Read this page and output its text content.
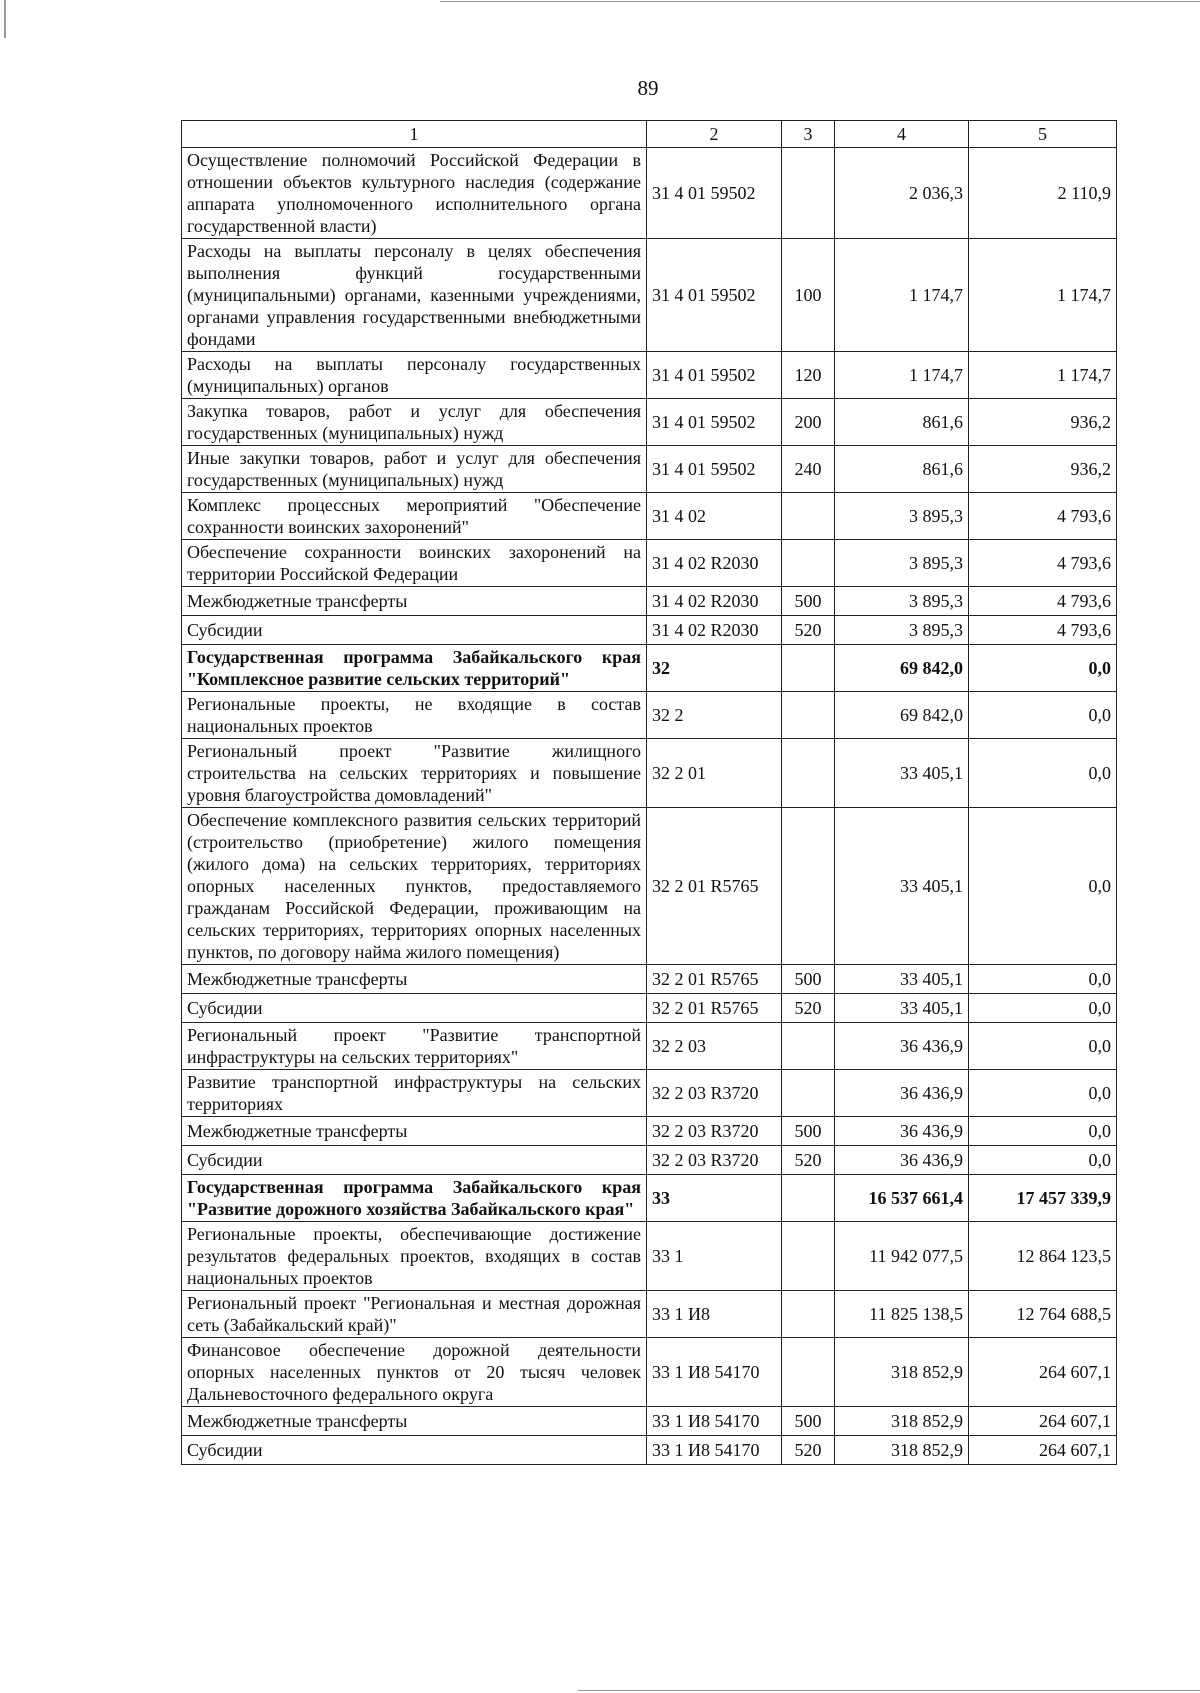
89
1	2	3	4	5
Осуществление полномочий Российской Федерации в отношении объектов культурного наследия (содержание аппарата уполномоченного исполнительного органа государственной власти)	31 4 01 59502		2 036,3	2 110,9
Расходы на выплаты персоналу в целях обеспечения выполнения функций государственными (муниципальными) органами, казенными учреждениями, органами управления государственными внебюджетными фондами	31 4 01 59502	100	1 174,7	1 174,7
Расходы на выплаты персоналу государственных (муниципальных) органов	31 4 01 59502	120	1 174,7	1 174,7
Закупка товаров, работ и услуг для обеспечения государственных (муниципальных) нужд	31 4 01 59502	200	861,6	936,2
Иные закупки товаров, работ и услуг для обеспечения государственных (муниципальных) нужд	31 4 01 59502	240	861,6	936,2
Комплекс процессных мероприятий "Обеспечение сохранности воинских захоронений"	31 4 02		3 895,3	4 793,6
Обеспечение сохранности воинских захоронений на территории Российской Федерации	31 4 02 R2030		3 895,3	4 793,6
Межбюджетные трансферты	31 4 02 R2030	500	3 895,3	4 793,6
Субсидии	31 4 02 R2030	520	3 895,3	4 793,6
Государственная программа Забайкальского края "Комплексное развитие сельских территорий"	32		69 842,0	0,0
Региональные проекты, не входящие в состав национальных проектов	32 2		69 842,0	0,0
Региональный проект "Развитие жилищного строительства на сельских территориях и повышение уровня благоустройства домовладений"	32 2 01		33 405,1	0,0
Обеспечение комплексного развития сельских территорий (строительство (приобретение) жилого помещения (жилого дома) на сельских территориях, территориях опорных населенных пунктов, предоставляемого гражданам Российской Федерации, проживающим на сельских территориях, территориях опорных населенных пунктов, по договору найма жилого помещения)	32 2 01 R5765		33 405,1	0,0
Межбюджетные трансферты	32 2 01 R5765	500	33 405,1	0,0
Субсидии	32 2 01 R5765	520	33 405,1	0,0
Региональный проект "Развитие транспортной инфраструктуры на сельских территориях"	32 2 03		36 436,9	0,0
Развитие транспортной инфраструктуры на сельских территориях	32 2 03 R3720		36 436,9	0,0
Межбюджетные трансферты	32 2 03 R3720	500	36 436,9	0,0
Субсидии	32 2 03 R3720	520	36 436,9	0,0
Государственная программа Забайкальского края "Развитие дорожного хозяйства Забайкальского края"	33		16 537 661,4	17 457 339,9
Региональные проекты, обеспечивающие достижение результатов федеральных проектов, входящих в состав национальных проектов	33 1		11 942 077,5	12 864 123,5
Региональный проект "Региональная и местная дорожная сеть (Забайкальский край)"	33 1 И8		11 825 138,5	12 764 688,5
Финансовое обеспечение дорожной деятельности опорных населенных пунктов от 20 тысяч человек Дальневосточного федерального округа	33 1 И8 54170		318 852,9	264 607,1
Межбюджетные трансферты	33 1 И8 54170	500	318 852,9	264 607,1
Субсидии	33 1 И8 54170	520	318 852,9	264 607,1
